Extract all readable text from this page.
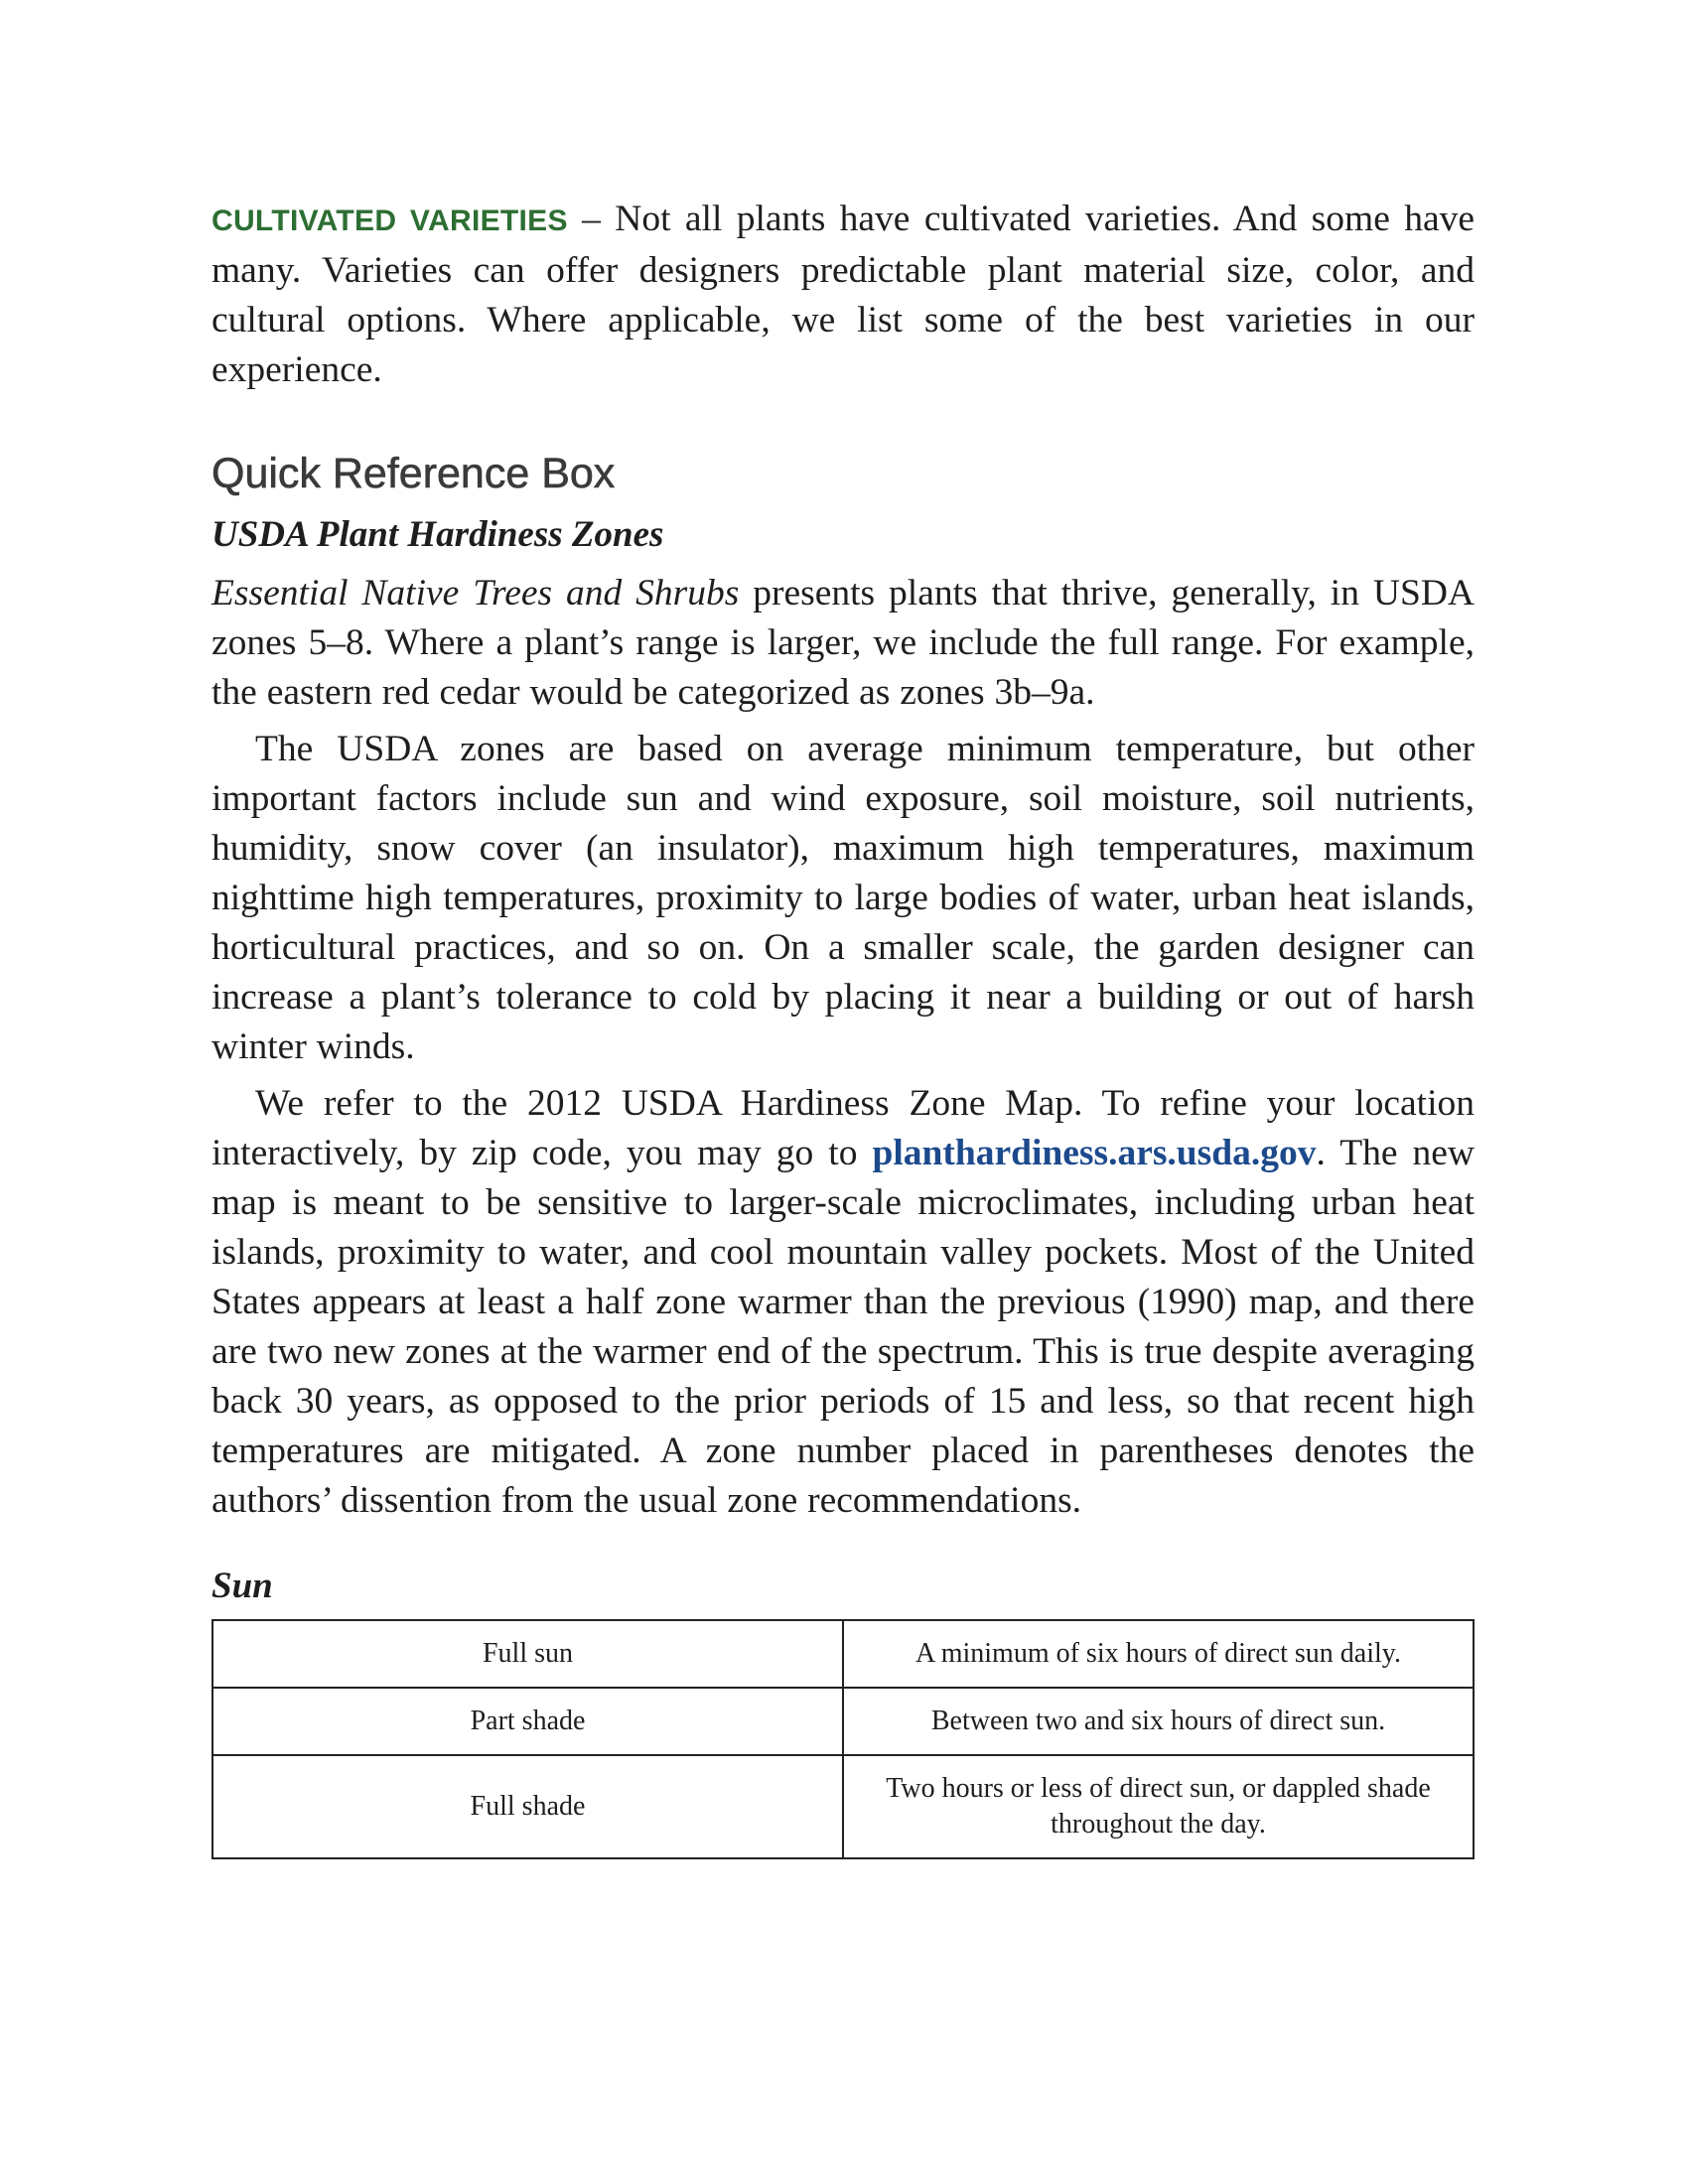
CULTIVATED VARIETIES – Not all plants have cultivated varieties. And some have many. Varieties can offer designers predictable plant material size, color, and cultural options. Where applicable, we list some of the best varieties in our experience.

Quick Reference Box
USDA Plant Hardiness Zones

Essential Native Trees and Shrubs presents plants that thrive, generally, in USDA zones 5–8. Where a plant’s range is larger, we include the full range. For example, the eastern red cedar would be categorized as zones 3b–9a.

The USDA zones are based on average minimum temperature, but other important factors include sun and wind exposure, soil moisture, soil nutrients, humidity, snow cover (an insulator), maximum high temperatures, maximum nighttime high temperatures, proximity to large bodies of water, urban heat islands, horticultural practices, and so on. On a smaller scale, the garden designer can increase a plant’s tolerance to cold by placing it near a building or out of harsh winter winds.

We refer to the 2012 USDA Hardiness Zone Map. To refine your location interactively, by zip code, you may go to planthardiness.ars.usda.gov. The new map is meant to be sensitive to larger-scale microclimates, including urban heat islands, proximity to water, and cool mountain valley pockets. Most of the United States appears at least a half zone warmer than the previous (1990) map, and there are two new zones at the warmer end of the spectrum. This is true despite averaging back 30 years, as opposed to the prior periods of 15 and less, so that recent high temperatures are mitigated. A zone number placed in parentheses denotes the authors’ dissention from the usual zone recommendations.

Sun
Full sun	A minimum of six hours of direct sun daily.
Part shade	Between two and six hours of direct sun.
Full shade	Two hours or less of direct sun, or dappled shade throughout the day.
